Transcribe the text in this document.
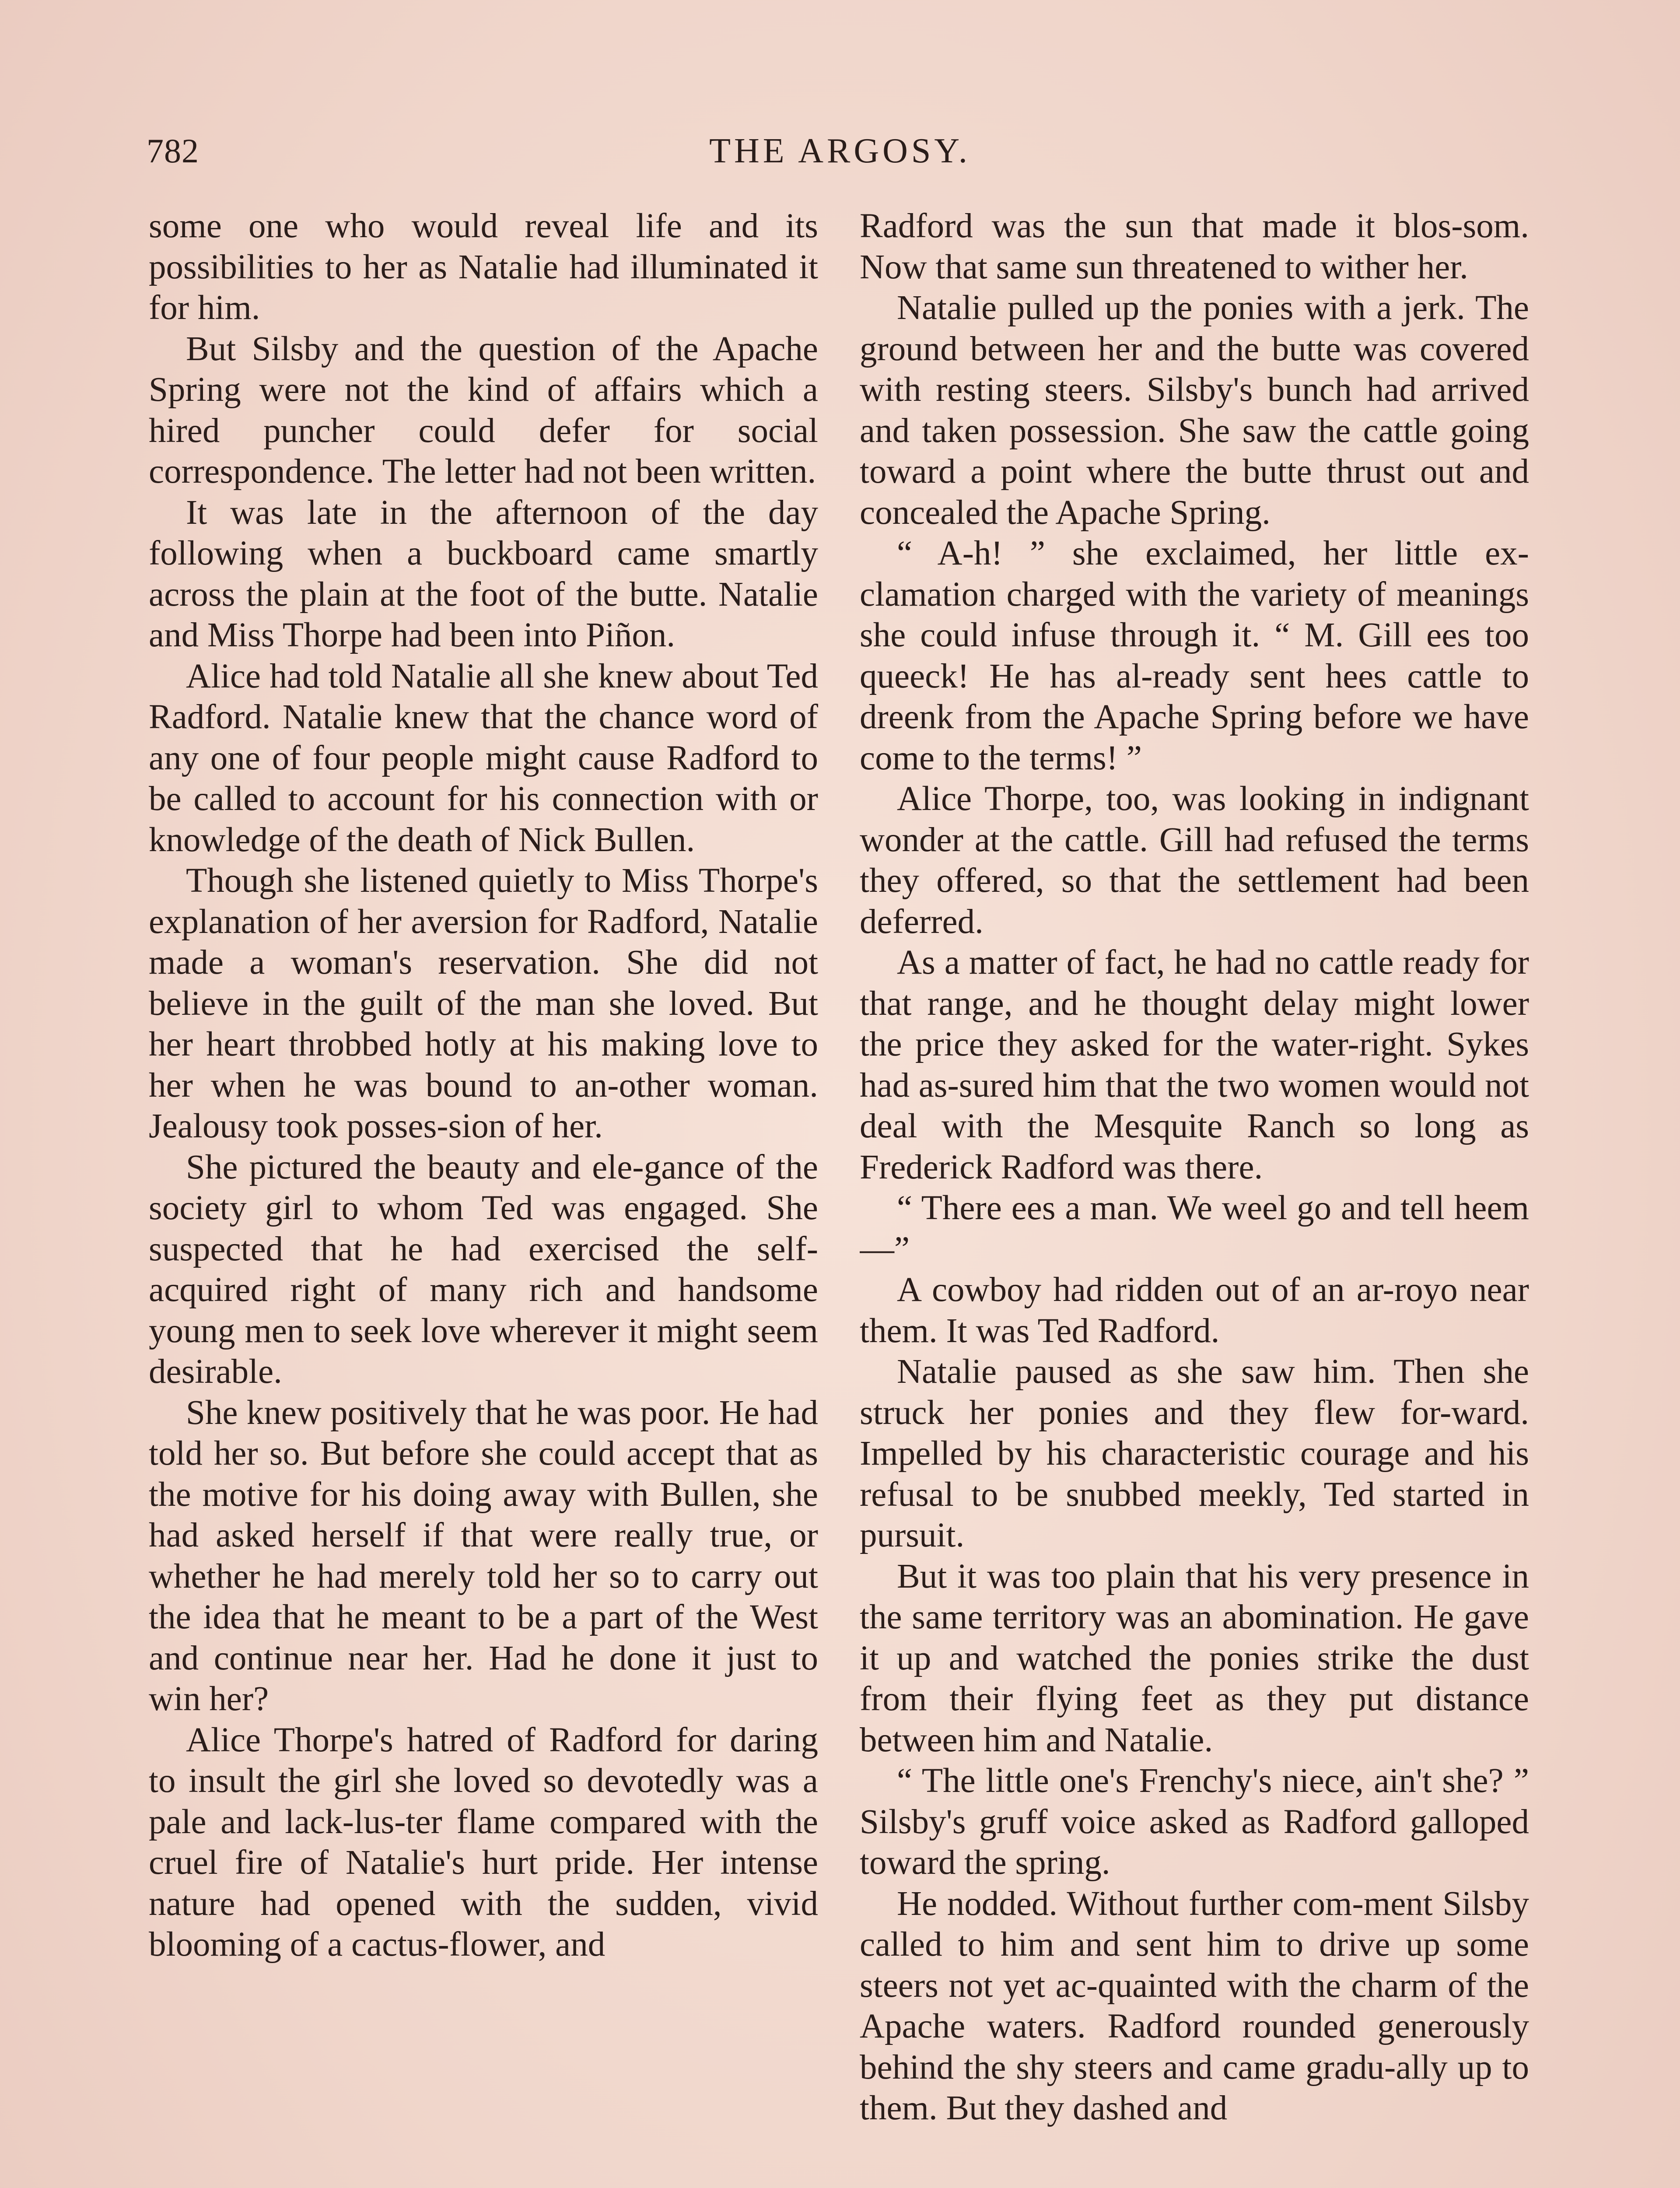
782	THE ARGOSY.

some one who would reveal life and its possibilities to her as Natalie had illuminated it for him.

But Silsby and the question of the Apache Spring were not the kind of affairs which a hired puncher could defer for social correspondence. The letter had not been written.

It was late in the afternoon of the day following when a buckboard came smartly across the plain at the foot of the butte. Natalie and Miss Thorpe had been into Piñon.

Alice had told Natalie all she knew about Ted Radford. Natalie knew that the chance word of any one of four people might cause Radford to be called to account for his connection with or knowledge of the death of Nick Bullen.

Though she listened quietly to Miss Thorpe's explanation of her aversion for Radford, Natalie made a woman's reservation. She did not believe in the guilt of the man she loved. But her heart throbbed hotly at his making love to her when he was bound to an-other woman. Jealousy took posses-sion of her.

She pictured the beauty and ele-gance of the society girl to whom Ted was engaged. She suspected that he had exercised the self-acquired right of many rich and handsome young men to seek love wherever it might seem desirable.

She knew positively that he was poor. He had told her so. But before she could accept that as the motive for his doing away with Bullen, she had asked herself if that were really true, or whether he had merely told her so to carry out the idea that he meant to be a part of the West and continue near her. Had he done it just to win her?

Alice Thorpe's hatred of Radford for daring to insult the girl she loved so devotedly was a pale and lack-lus-ter flame compared with the cruel fire of Natalie's hurt pride. Her intense nature had opened with the sudden, vivid blooming of a cactus-flower, and

Radford was the sun that made it blos-som. Now that same sun threatened to wither her.

Natalie pulled up the ponies with a jerk. The ground between her and the butte was covered with resting steers. Silsby's bunch had arrived and taken possession. She saw the cattle going toward a point where the butte thrust out and concealed the Apache Spring.

“ A-h! ” she exclaimed, her little ex-clamation charged with the variety of meanings she could infuse through it. “ M. Gill ees too queeck! He has al-ready sent hees cattle to dreenk from the Apache Spring before we have come to the terms! ”

Alice Thorpe, too, was looking in indignant wonder at the cattle. Gill had refused the terms they offered, so that the settlement had been deferred.

As a matter of fact, he had no cattle ready for that range, and he thought delay might lower the price they asked for the water-right. Sykes had as-sured him that the two women would not deal with the Mesquite Ranch so long as Frederick Radford was there.

“ There ees a man. We weel go and tell heem—”

A cowboy had ridden out of an ar-royo near them. It was Ted Radford.

Natalie paused as she saw him. Then she struck her ponies and they flew for-ward. Impelled by his characteristic courage and his refusal to be snubbed meekly, Ted started in pursuit.

But it was too plain that his very presence in the same territory was an abomination. He gave it up and watched the ponies strike the dust from their flying feet as they put distance between him and Natalie.

“ The little one's Frenchy's niece, ain't she? ” Silsby's gruff voice asked as Radford galloped toward the spring.

He nodded. Without further com-ment Silsby called to him and sent him to drive up some steers not yet ac-quainted with the charm of the Apache waters. Radford rounded generously behind the shy steers and came gradu-ally up to them. But they dashed and
